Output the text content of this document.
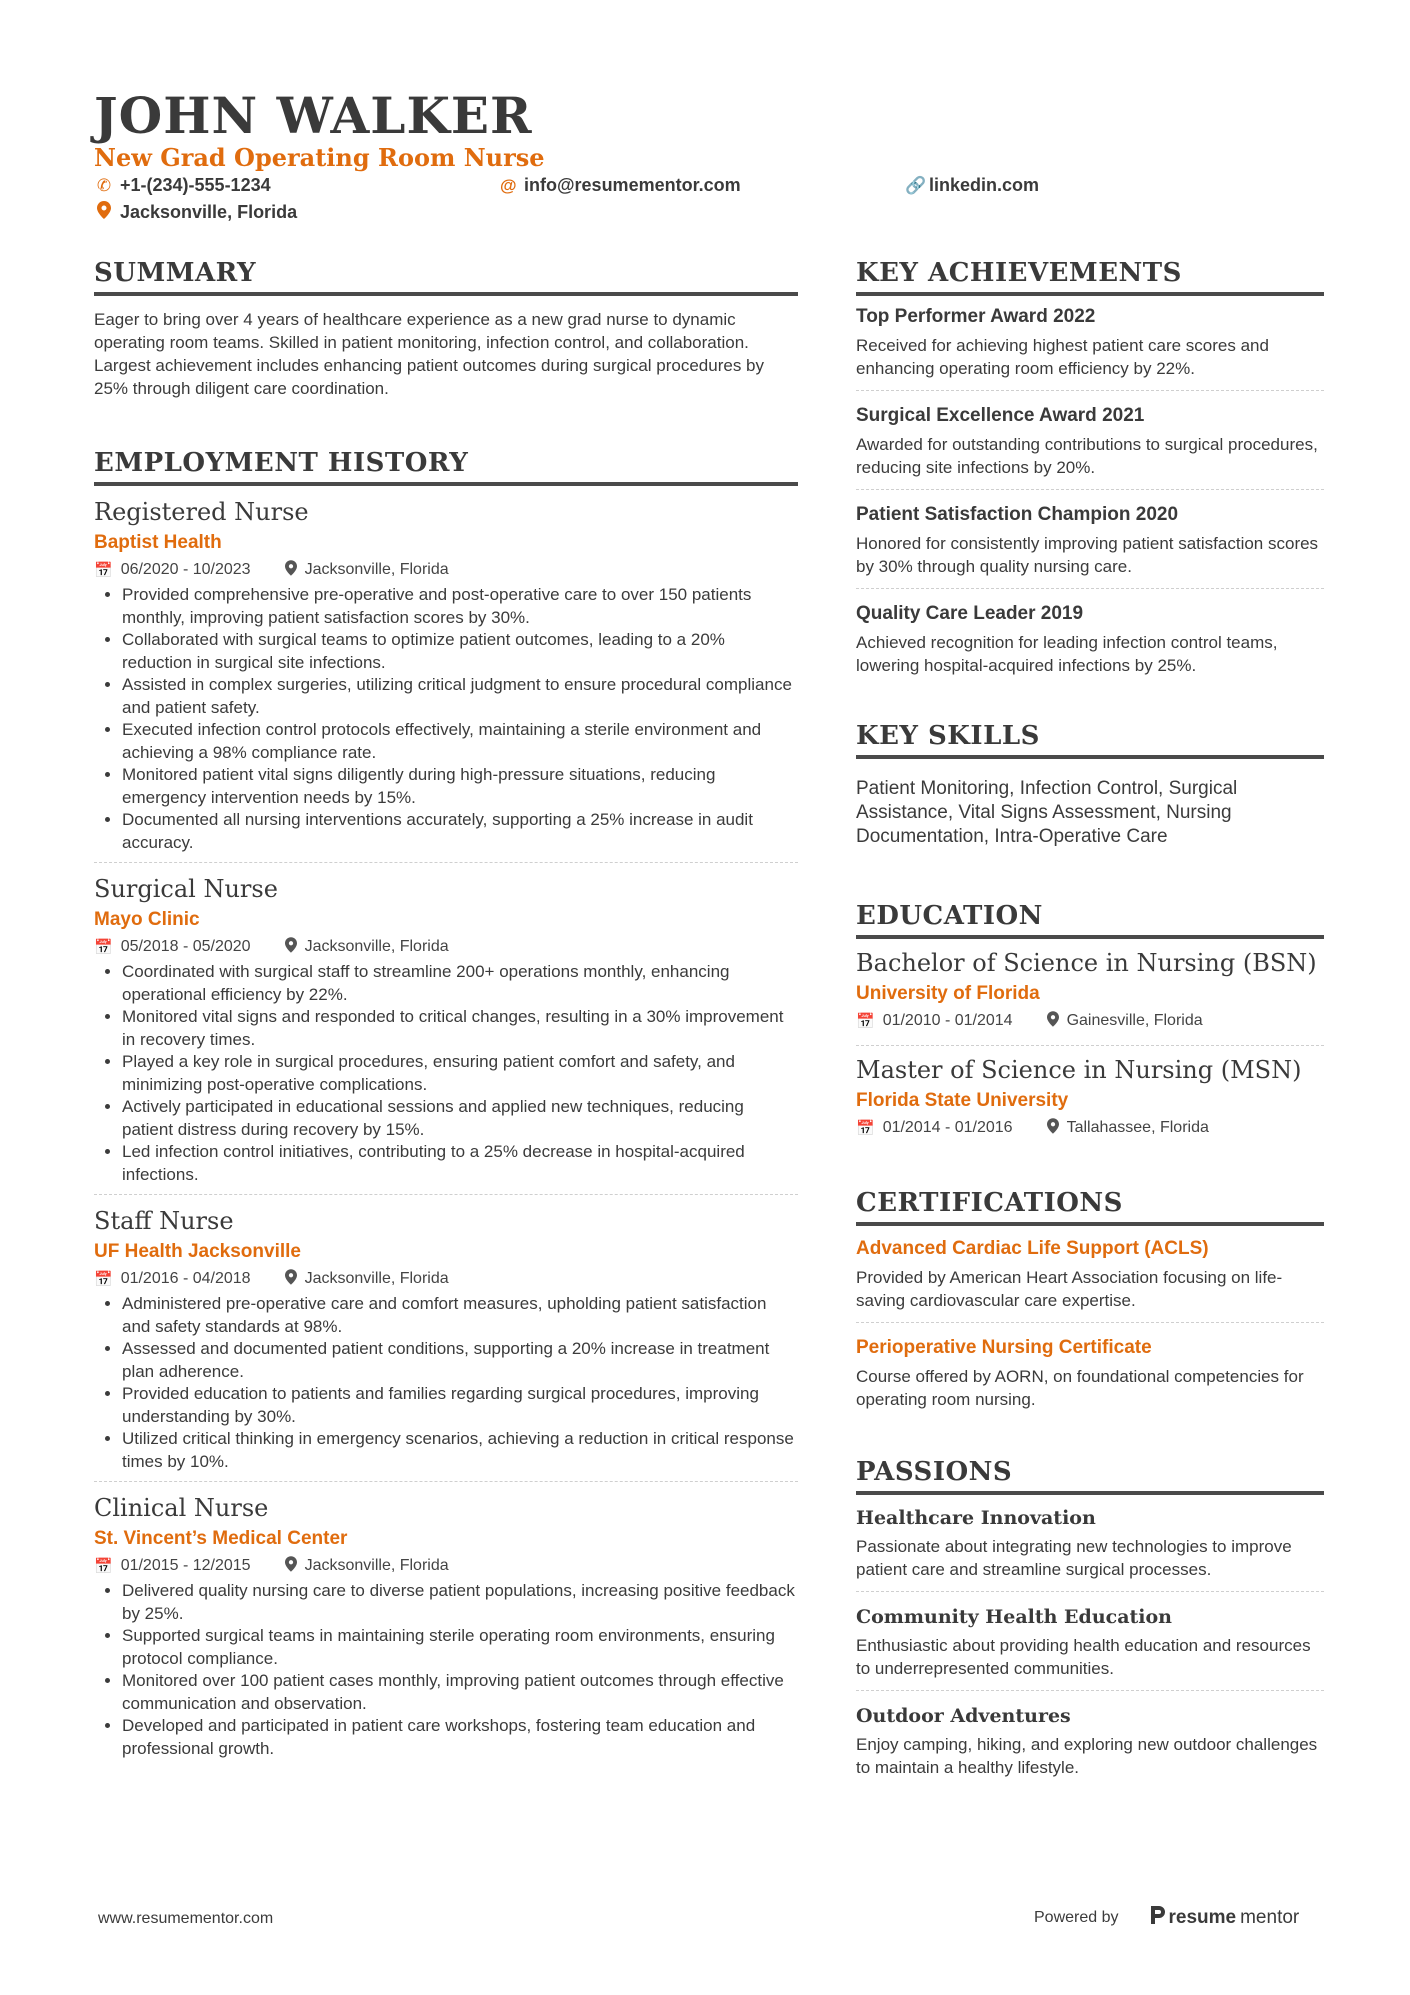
JOHN WALKER
New Grad Operating Room Nurse
✆ +1-(234)-555-1234	@ info@resumementor.com	🔗 linkedin.com
Jacksonville, Florida
SUMMARY

Eager to bring over 4 years of healthcare experience as a new grad nurse to dynamic operating room teams. Skilled in patient monitoring, infection control, and collaboration. Largest achievement includes enhancing patient outcomes during surgical procedures by 25% through diligent care coordination.

EMPLOYMENT HISTORY
Registered Nurse
Baptist Health
📅 06/2020 - 10/2023	Jacksonville, Florida
• Provided comprehensive pre-operative and post-operative care to over 150 patients monthly, improving patient satisfaction scores by 30%.
• Collaborated with surgical teams to optimize patient outcomes, leading to a 20% reduction in surgical site infections.
• Assisted in complex surgeries, utilizing critical judgment to ensure procedural compliance and patient safety.
• Executed infection control protocols effectively, maintaining a sterile environment and achieving a 98% compliance rate.
• Monitored patient vital signs diligently during high-pressure situations, reducing emergency intervention needs by 15%.
• Documented all nursing interventions accurately, supporting a 25% increase in audit accuracy.
Surgical Nurse
Mayo Clinic
📅 05/2018 - 05/2020	Jacksonville, Florida
• Coordinated with surgical staff to streamline 200+ operations monthly, enhancing operational efficiency by 22%.
• Monitored vital signs and responded to critical changes, resulting in a 30% improvement in recovery times.
• Played a key role in surgical procedures, ensuring patient comfort and safety, and minimizing post-operative complications.
• Actively participated in educational sessions and applied new techniques, reducing patient distress during recovery by 15%.
• Led infection control initiatives, contributing to a 25% decrease in hospital-acquired infections.
Staff Nurse
UF Health Jacksonville
📅 01/2016 - 04/2018	Jacksonville, Florida
• Administered pre-operative care and comfort measures, upholding patient satisfaction and safety standards at 98%.
• Assessed and documented patient conditions, supporting a 20% increase in treatment plan adherence.
• Provided education to patients and families regarding surgical procedures, improving understanding by 30%.
• Utilized critical thinking in emergency scenarios, achieving a reduction in critical response times by 10%.
Clinical Nurse
St. Vincent’s Medical Center
📅 01/2015 - 12/2015	Jacksonville, Florida
• Delivered quality nursing care to diverse patient populations, increasing positive feedback by 25%.
• Supported surgical teams in maintaining sterile operating room environments, ensuring protocol compliance.
• Monitored over 100 patient cases monthly, improving patient outcomes through effective communication and observation.
• Developed and participated in patient care workshops, fostering team education and professional growth.
KEY ACHIEVEMENTS
Top Performer Award 2022

Received for achieving highest patient care scores and enhancing operating room efficiency by 22%.

Surgical Excellence Award 2021

Awarded for outstanding contributions to surgical procedures, reducing site infections by 20%.

Patient Satisfaction Champion 2020

Honored for consistently improving patient satisfaction scores by 30% through quality nursing care.

Quality Care Leader 2019

Achieved recognition for leading infection control teams, lowering hospital-acquired infections by 25%.

KEY SKILLS

Patient Monitoring, Infection Control, Surgical Assistance, Vital Signs Assessment, Nursing Documentation, Intra-Operative Care

EDUCATION
Bachelor of Science in Nursing (BSN)
University of Florida
📅 01/2010 - 01/2014	Gainesville, Florida
Master of Science in Nursing (MSN)
Florida State University
📅 01/2014 - 01/2016	Tallahassee, Florida
CERTIFICATIONS
Advanced Cardiac Life Support (ACLS)

Provided by American Heart Association focusing on life-saving cardiovascular care expertise.

Perioperative Nursing Certificate

Course offered by AORN, on foundational competencies for operating room nursing.

PASSIONS
Healthcare Innovation

Passionate about integrating new technologies to improve patient care and streamline surgical processes.

Community Health Education

Enthusiastic about providing health education and resources to underrepresented communities.

Outdoor Adventures

Enjoy camping, hiking, and exploring new outdoor challenges to maintain a healthy lifestyle.

www.resumementor.com	Powered by	resume mentor
